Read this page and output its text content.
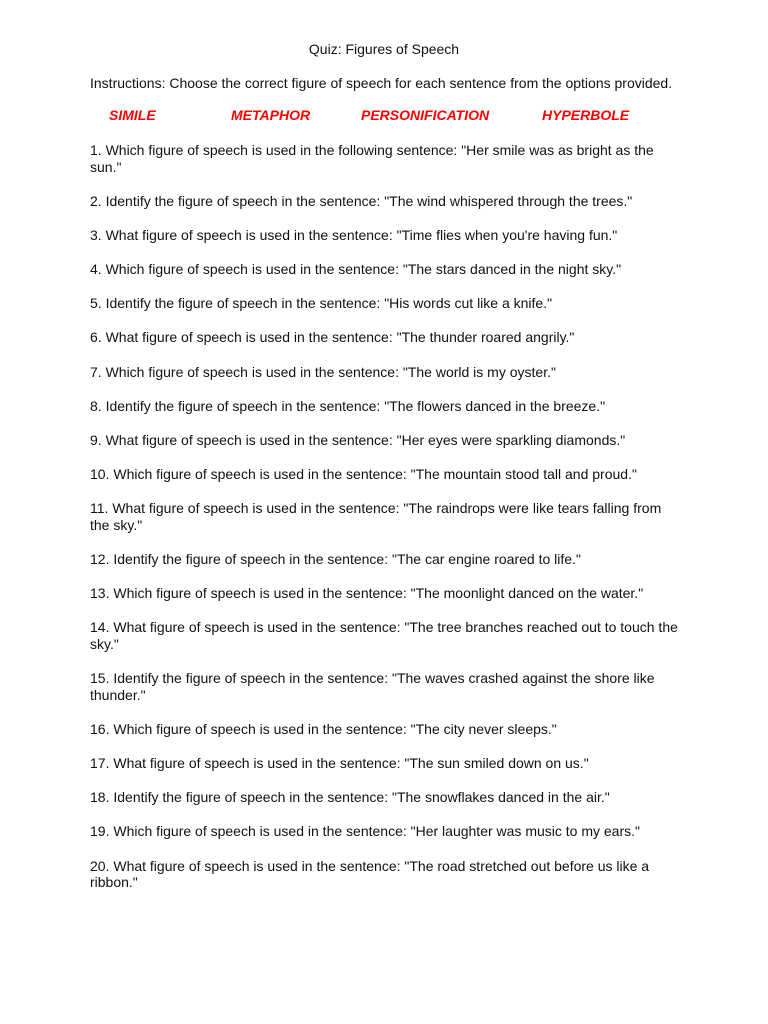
Quiz: Figures of Speech
Instructions: Choose the correct figure of speech for each sentence from the options provided.
SIMILE	METAPHOR	PERSONIFICATION	HYPERBOLE
1. Which figure of speech is used in the following sentence: "Her smile was as bright as the sun."
2. Identify the figure of speech in the sentence: "The wind whispered through the trees."
3. What figure of speech is used in the sentence: "Time flies when you're having fun."
4. Which figure of speech is used in the sentence: "The stars danced in the night sky."
5. Identify the figure of speech in the sentence: "His words cut like a knife."
6. What figure of speech is used in the sentence: "The thunder roared angrily."
7. Which figure of speech is used in the sentence: "The world is my oyster."
8. Identify the figure of speech in the sentence: "The flowers danced in the breeze."
9. What figure of speech is used in the sentence: "Her eyes were sparkling diamonds."
10. Which figure of speech is used in the sentence: "The mountain stood tall and proud."
11. What figure of speech is used in the sentence: "The raindrops were like tears falling from the sky."
12. Identify the figure of speech in the sentence: "The car engine roared to life."
13. Which figure of speech is used in the sentence: "The moonlight danced on the water."
14. What figure of speech is used in the sentence: "The tree branches reached out to touch the sky."
15. Identify the figure of speech in the sentence: "The waves crashed against the shore like thunder."
16. Which figure of speech is used in the sentence: "The city never sleeps."
17. What figure of speech is used in the sentence: "The sun smiled down on us."
18. Identify the figure of speech in the sentence: "The snowflakes danced in the air."
19. Which figure of speech is used in the sentence: "Her laughter was music to my ears."
20. What figure of speech is used in the sentence: "The road stretched out before us like a ribbon."
